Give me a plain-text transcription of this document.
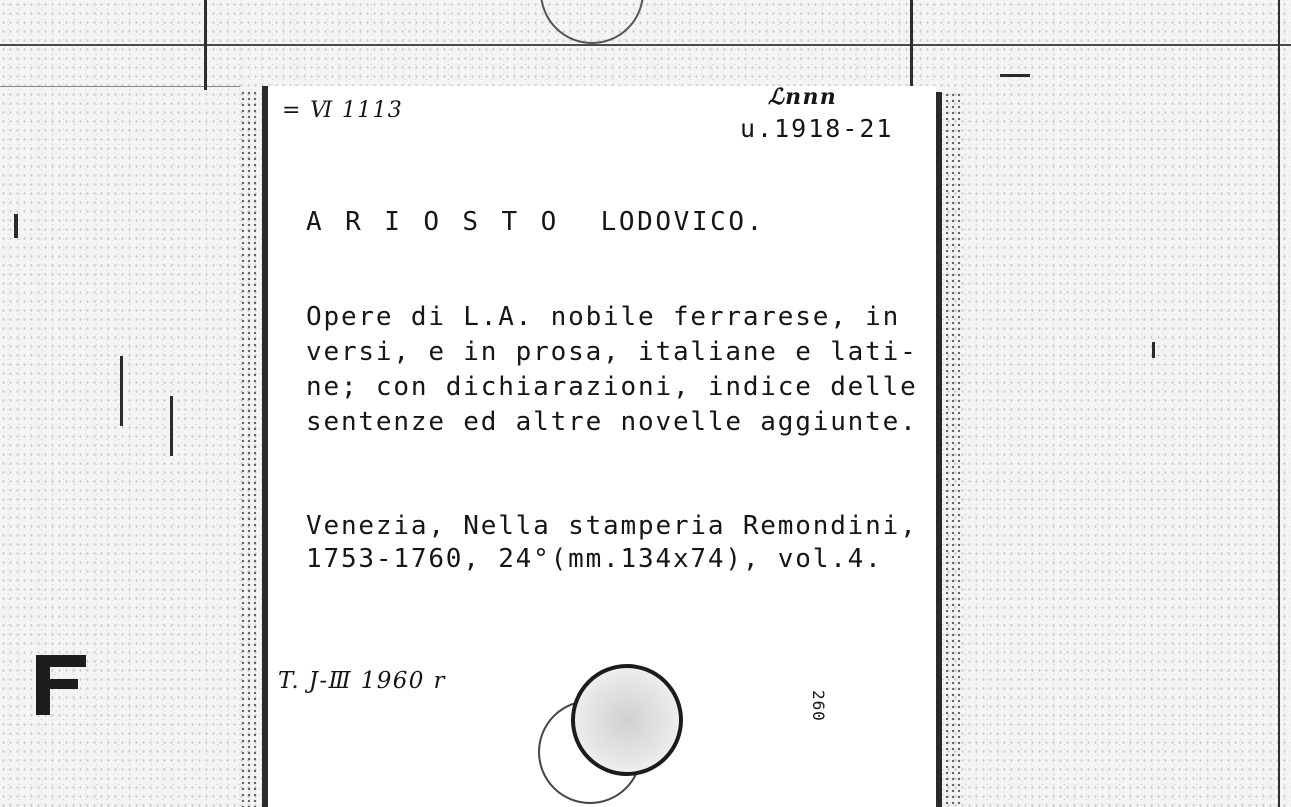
= Ⅵ 1113
ℒnnn
u.1918-21
A R I O S T O  LODOVICO.
Opere di L.A. nobile ferrarese, in
versi, e in prosa, italiane e lati-
ne; con dichiarazioni, indice delle
sentenze ed altre novelle aggiunte.
Venezia, Nella stamperia Remondini,
1753-1760, 24°(mm.134x74), vol.4.
T. J-Ⅲ 1960 r
260
